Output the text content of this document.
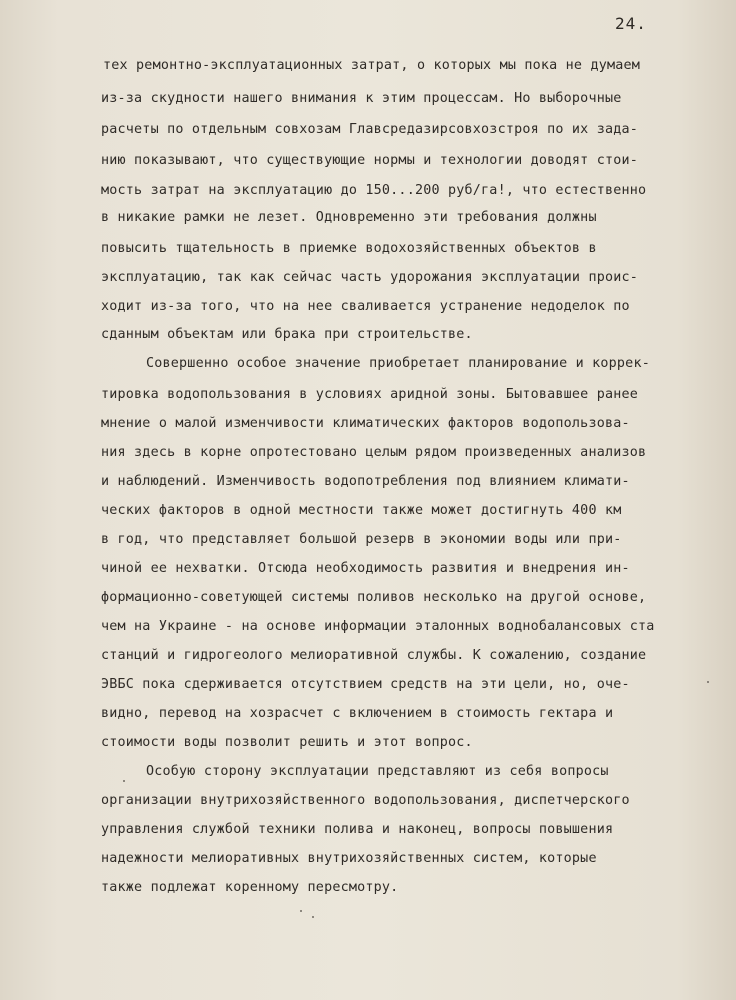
24.
тех ремонтно-эксплуатационных затрат, о которых мы пока не думаем
из-за скудности нашего внимания к этим процессам. Но выборочные
расчеты по отдельным совхозам Главсредазирсовхозстроя по их зада-
нию показывают, что существующие нормы и технологии доводят стои-
мость затрат на эксплуатацию до 150...200 руб/га!, что естественно
в никакие рамки не лезет. Одновременно эти требования должны
повысить тщательность в приемке водохозяйственных объектов в
эксплуатацию, так как сейчас часть удорожания эксплуатации проис-
ходит из-за того, что на нее сваливается устранение недоделок по
сданным объектам или брака при строительстве.
Совершенно особое значение приобретает планирование и коррек-
тировка водопользования в условиях аридной зоны. Бытовавшее ранее
мнение о малой изменчивости климатических факторов водопользова-
ния здесь в корне опротестовано целым рядом произведенных анализов
и наблюдений. Изменчивость водопотребления под влиянием климати-
ческих факторов в одной местности также может достигнуть 400 км
в год, что представляет большой резерв в экономии воды или при-
чиной ее нехватки. Отсюда необходимость развития и внедрения ин-
формационно-советующей системы поливов несколько на другой основе,
чем на Украине - на основе информации эталонных воднобалансовых ста
станций и гидрогеолого мелиоративной службы. К сожалению, создание
ЭВБС пока сдерживается отсутствием средств на эти цели, но, оче-
видно, перевод на хозрасчет с включением в стоимость гектара и
стоимости воды позволит решить и этот вопрос.
Особую сторону эксплуатации представляют из себя вопросы
организации внутрихозяйственного водопользования, диспетчерского
управления службой техники полива и наконец, вопросы повышения
надежности мелиоративных внутрихозяйственных систем, которые
также подлежат коренному пересмотру.
